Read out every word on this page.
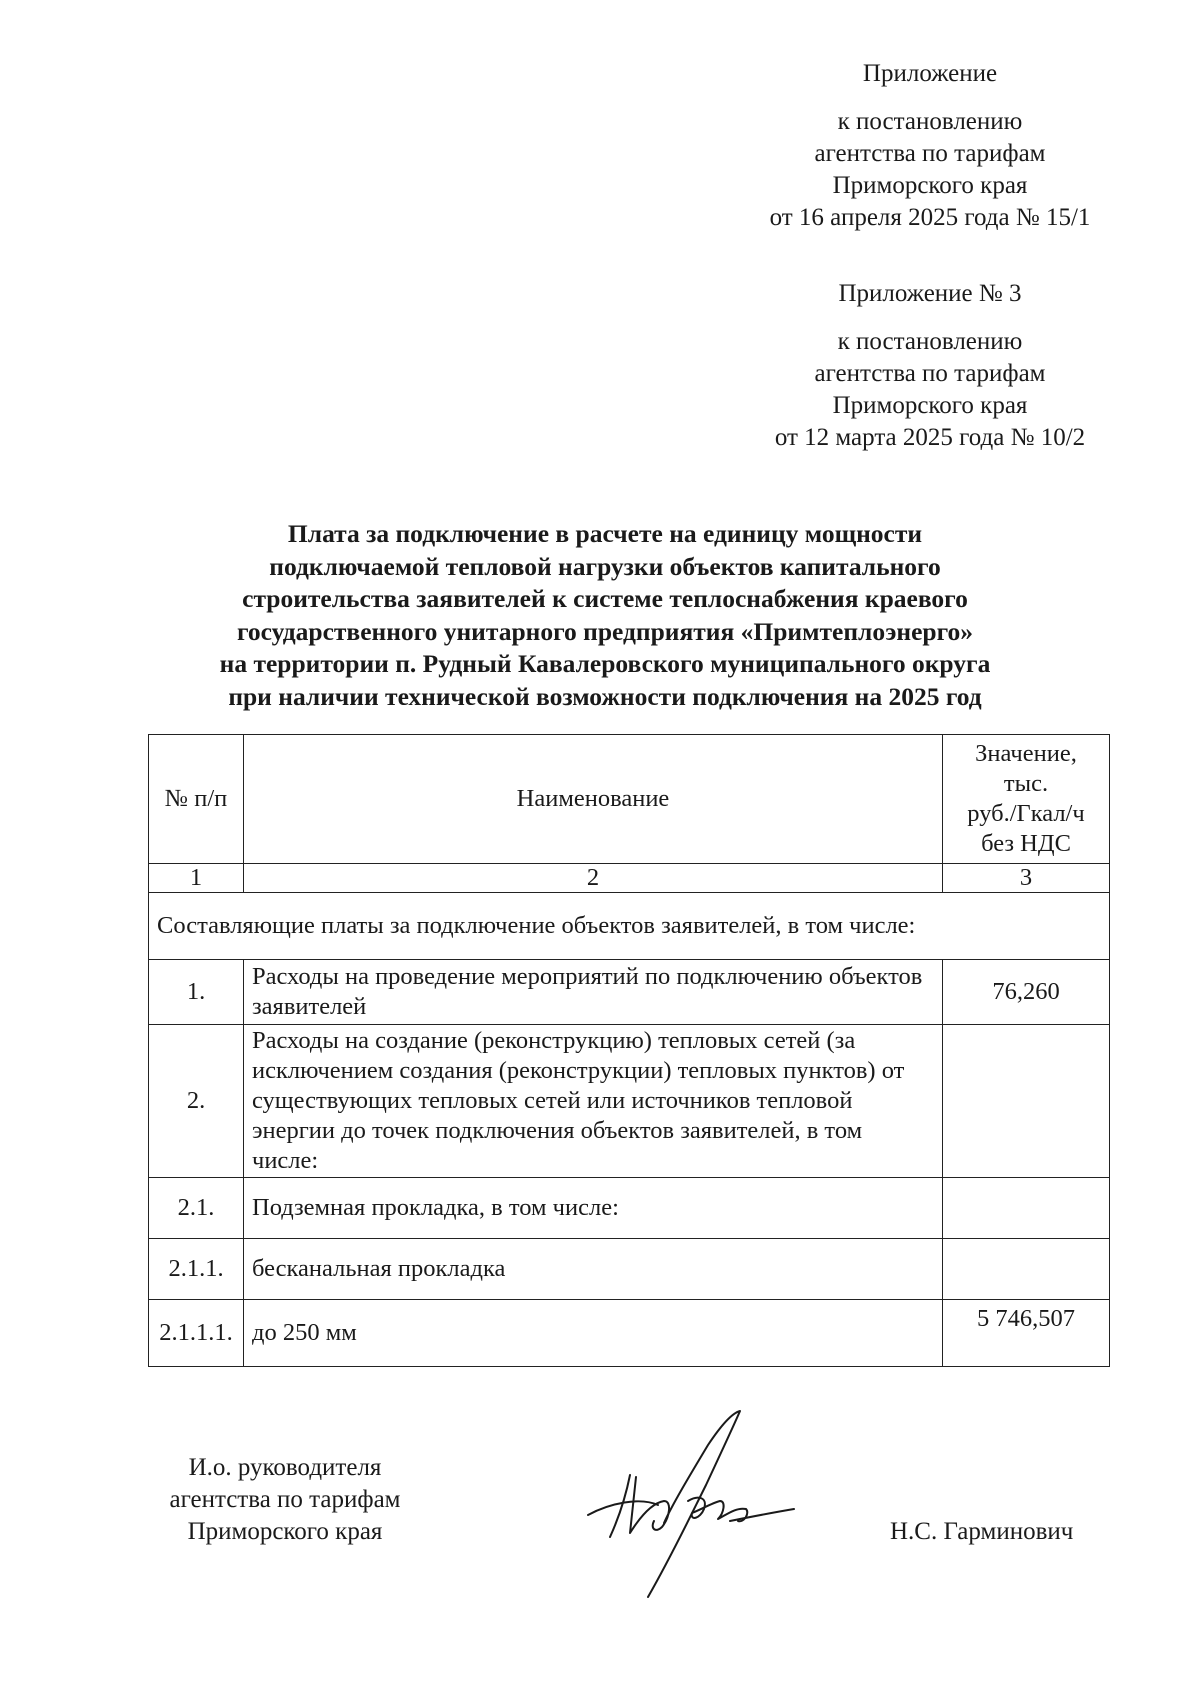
Приложение
к постановлению
агентства по тарифам
Приморского края
от 16 апреля 2025 года № 15/1
Приложение № 3
к постановлению
агентства по тарифам
Приморского края
от 12 марта 2025 года № 10/2
Плата за подключение в расчете на единицу мощности
подключаемой тепловой нагрузки объектов капитального
строительства заявителей к системе теплоснабжения краевого
государственного унитарного предприятия «Примтеплоэнерго»
на территории п. Рудный Кавалеровского муниципального округа
при наличии технической возможности подключения на 2025 год
№ п/п	Наименование	Значение,
тыс.
руб./Гкал/ч
без НДС

1	2	3
Составляющие платы за подключение объектов заявителей, в том числе:		
1.	Расходы на проведение мероприятий по подключению объектов заявителей	76,260
2.	Расходы на создание (реконструкцию) тепловых сетей (за исключением создания (реконструкции) тепловых пунктов) от существующих тепловых сетей или источников тепловой энергии до точек подключения объектов заявителей, в том числе:	
2.1.	Подземная прокладка, в том числе:	
2.1.1.	бесканальная прокладка	
2.1.1.1.	до 250 мм	5 746,507
И.о. руководителя
агентства по тарифам
Приморского края	Н.С. Гарминович
